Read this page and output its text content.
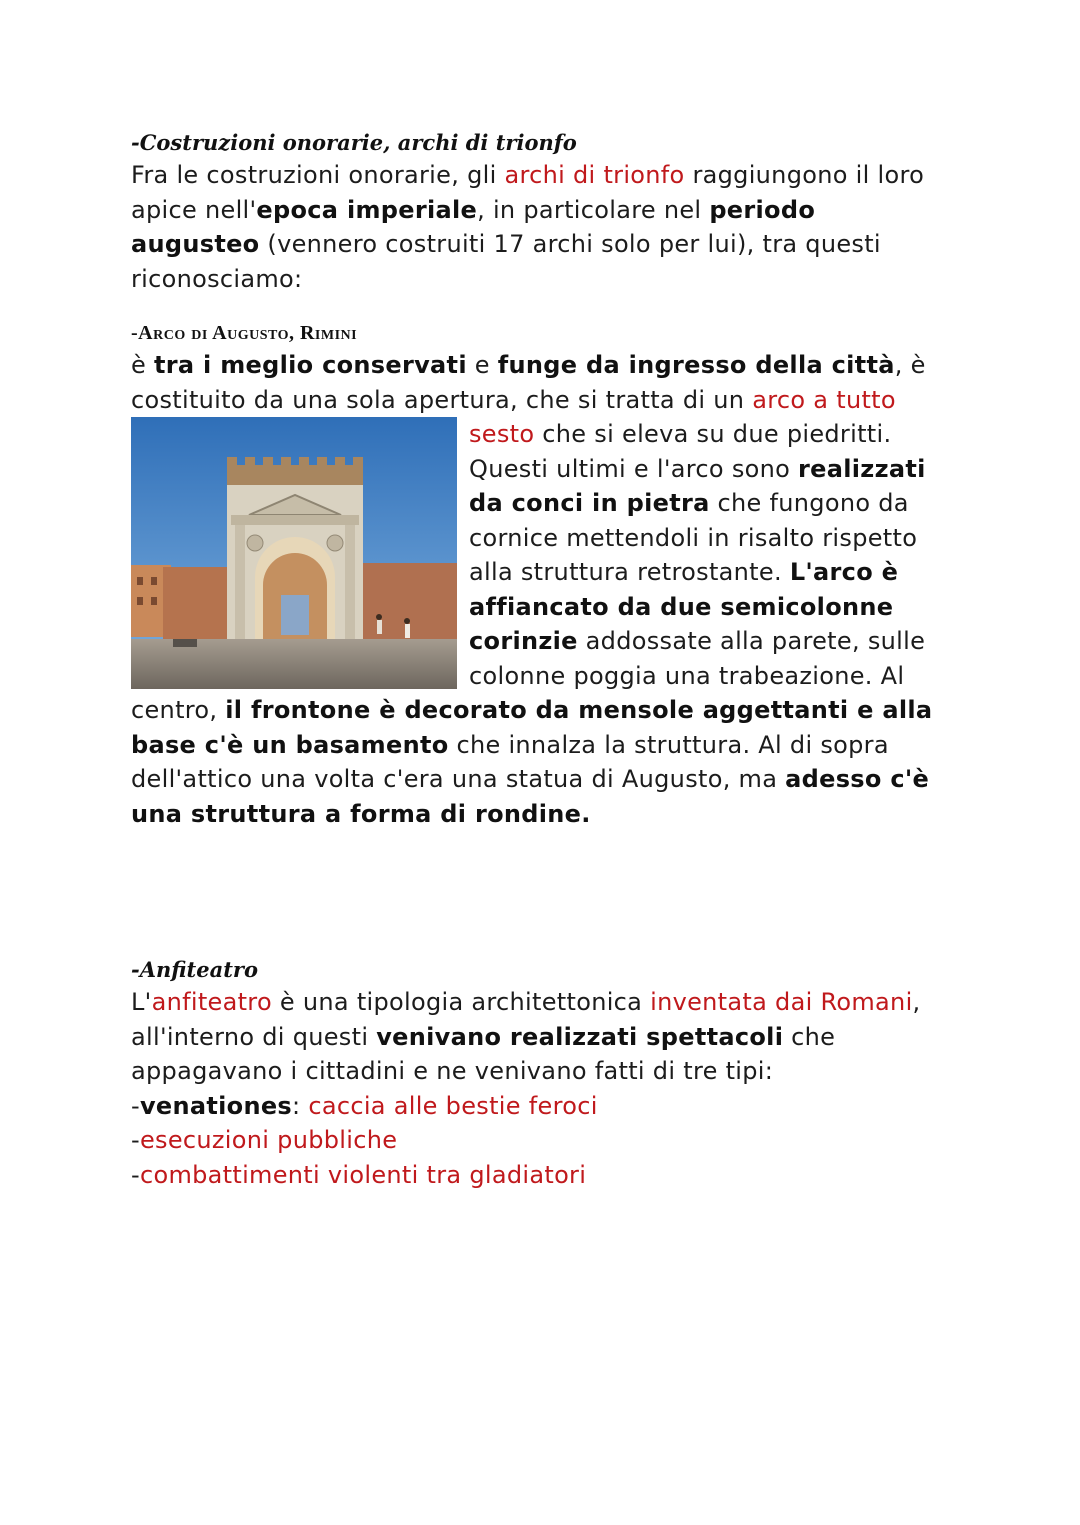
-Costruzioni onorarie, archi di trionfo

Fra le costruzioni onorarie, gli archi di trionfo raggiungono il loro apice nell'epoca imperiale, in particolare nel periodo augusteo (vennero costruiti 17 archi solo per lui), tra questi riconosciamo:

-Arco di Augusto, Rimini

è tra i meglio conservati e funge da ingresso della città, è costituito da una sola apertura, che si tratta di un
arco a tutto sesto che si eleva su due piedritti. Questi ultimi e l'arco sono realizzati da conci in pietra che fungono da cornice mettendoli in risalto rispetto alla struttura retrostante. L'arco è affiancato da due semicolonne corinzie addossate alla parete, sulle colonne poggia una trabeazione. Al centro, il frontone è decorato da mensole aggettanti e alla base c'è un basamento che innalza la struttura. Al di sopra dell'attico una volta c'era una statua di Augusto, ma adesso c'è una struttura a forma di rondine.

-Anfiteatro

L'anfiteatro è una tipologia architettonica inventata dai Romani, all'interno di questi venivano realizzati spettacoli che appagavano i cittadini e ne venivano fatti di tre tipi:

-venationes: caccia alle bestie feroci

-esecuzioni pubbliche

-combattimenti violenti tra gladiatori
